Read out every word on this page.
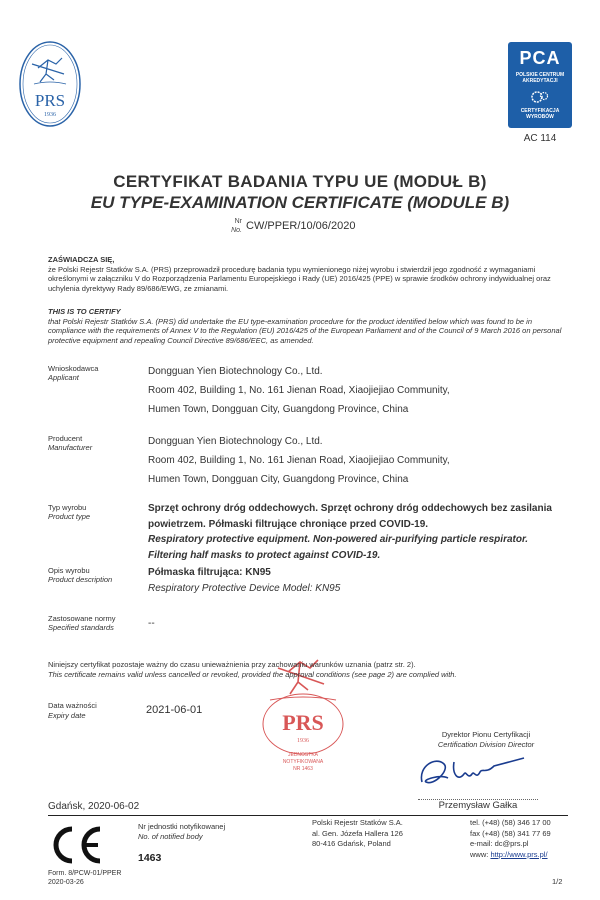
PRS
1936
PCA
POLSKIE CENTRUM
AKREDYTACJI
CERTYFIKACJA
WYROBÓW
AC 114
CERTYFIKAT BADANIA TYPU UE (MODUŁ B)
EU TYPE-EXAMINATION CERTIFICATE (MODULE B)
Nr
No. CW/PPER/10/06/2020
ZAŚWIADCZA SIĘ,
że Polski Rejestr Statków S.A. (PRS) przeprowadził procedurę badania typu wymienionego niżej wyrobu i stwierdził jego zgodność z wymaganiami określonymi w załączniku V do Rozporządzenia Parlamentu Europejskiego i Rady (UE) 2016/425 (PPE) w sprawie środków ochrony indywidualnej oraz uchylenia dyrektywy Rady 89/686/EWG, ze zmianami.
THIS IS TO CERTIFY
that Polski Rejestr Statków S.A. (PRS) did undertake the EU type-examination procedure for the product identified below which was found to be in compliance with the requirements of Annex V to the Regulation (EU) 2016/425 of the European Parliament and of the Council of 9 March 2016 on personal protective equipment and repealing Council Directive 89/686/EEC, as amended.
Wnioskodawca
Applicant
Dongguan Yien Biotechnology Co., Ltd.
Room 402, Building 1, No. 161 Jienan Road, Xiaojiejiao Community,
Humen Town, Dongguan City, Guangdong Province, China
Producent
Manufacturer
Dongguan Yien Biotechnology Co., Ltd.
Room 402, Building 1, No. 161 Jienan Road, Xiaojiejiao Community,
Humen Town, Dongguan City, Guangdong Province, China
Typ wyrobu
Product type
Sprzęt ochrony dróg oddechowych. Sprzęt ochrony dróg oddechowych bez zasilania powietrzem. Półmaski filtrujące chroniące przed COVID-19.
Respiratory protective equipment. Non-powered air-purifying particle respirator. Filtering half masks to protect against COVID-19.
Opis wyrobu
Product description
Półmaska filtrująca: KN95
Respiratory Protective Device Model: KN95
Zastosowane normy
Specified standards	--
PRS
1936
JEDNOSTKA
NOTYFIKOWANA
NR 1463
Niniejszy certyfikat pozostaje ważny do czasu unieważnienia przy zachowaniu warunków uznania (patrz str. 2).
This certificate remains valid unless cancelled or revoked, provided the approval conditions (see page 2) are complied with.
Data ważności
Expiry date	2021-06-01
Dyrektor Pionu Certyfikacji
Certification Division Director
Przemysław Gałka
Gdańsk, 2020-06-02
Nr jednostki notyfikowanej
No. of notified body
1463
Polski Rejestr Statków S.A.
al. Gen. Józefa Hallera 126
80-416 Gdańsk, Poland
tel. (+48) (58) 346 17 00
fax (+48) (58) 341 77 69
e-mail: dc@prs.pl
www: http://www.prs.pl/
Form. 8/PCW-01/PPER
2020-03-26	1/2
